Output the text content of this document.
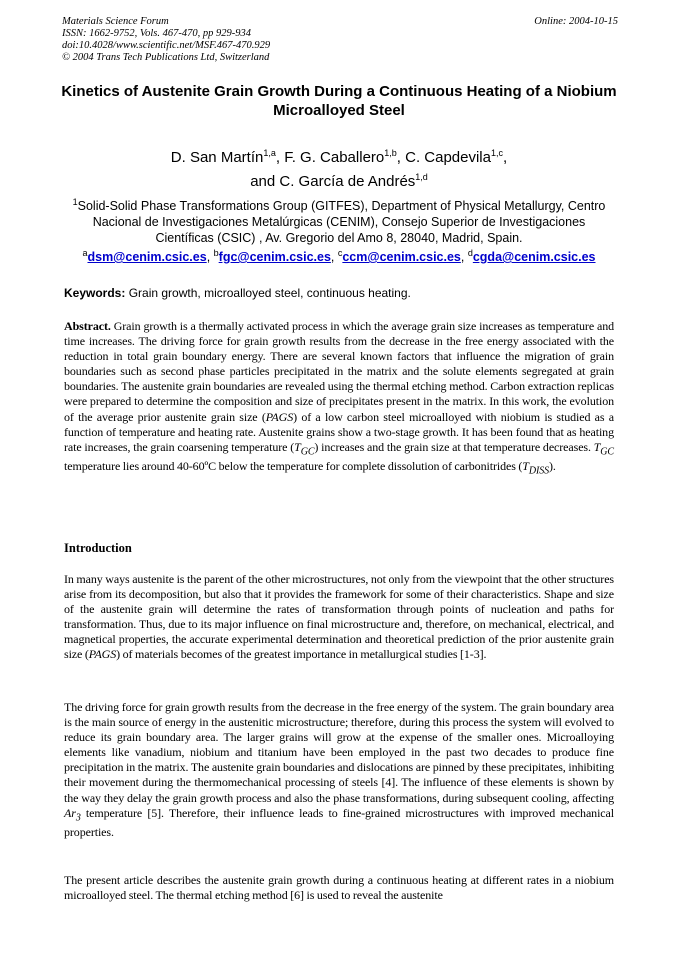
Materials Science Forum
ISSN: 1662-9752, Vols. 467-470, pp 929-934
doi:10.4028/www.scientific.net/MSF.467-470.929
© 2004 Trans Tech Publications Ltd, Switzerland
Online: 2004-10-15
Kinetics of Austenite Grain Growth During a Continuous Heating of a Niobium Microalloyed Steel
D. San Martín$^{1,a}$, F. G. Caballero$^{1,b}$, C. Capdevila$^{1,c}$,
and C. García de Andrés$^{1,d}$
$^1$Solid-Solid Phase Transformations Group (GITFES), Department of Physical Metallurgy, Centro Nacional de Investigaciones Metalúrgicas (CENIM), Consejo Superior de Investigaciones Científicas (CSIC) , Av. Gregorio del Amo 8, 28040, Madrid, Spain.
$^a$dsm@cenim.csic.es, $^b$fgc@cenim.csic.es, $^c$ccm@cenim.csic.es, $^d$cgda@cenim.csic.es
Keywords: Grain growth, microalloyed steel, continuous heating.
Abstract. Grain growth is a thermally activated process in which the average grain size increases as temperature and time increases. The driving force for grain growth results from the decrease in the free energy associated with the reduction in total grain boundary energy. There are several known factors that influence the migration of grain boundaries such as second phase particles precipitated in the matrix and the solute elements segregated at grain boundaries. The austenite grain boundaries are revealed using the thermal etching method. Carbon extraction replicas were prepared to determine the composition and size of precipitates present in the matrix. In this work, the evolution of the average prior austenite grain size (PAGS) of a low carbon steel microalloyed with niobium is studied as a function of temperature and heating rate. Austenite grains show a two-stage growth. It has been found that as heating rate increases, the grain coarsening temperature $(T_{GC})$ increases and the grain size at that temperature decreases. $T_{GC}$ temperature lies around 40-60ºC below the temperature for complete dissolution of carbonitrides $(T_{DISS})$.
Introduction
In many ways austenite is the parent of the other microstructures, not only from the viewpoint that the other structures arise from its decomposition, but also that it provides the framework for some of their characteristics. Shape and size of the austenite grain will determine the rates of transformation through points of nucleation and paths for transformation. Thus, due to its major influence on final microstructure and, therefore, on mechanical, electrical, and magnetical properties, the accurate experimental determination and theoretical prediction of the prior austenite grain size (PAGS) of materials becomes of the greatest importance in metallurgical studies [1-3].
The driving force for grain growth results from the decrease in the free energy of the system. The grain boundary area is the main source of energy in the austenitic microstructure; therefore, during this process the system will evolved to reduce its grain boundary area. The larger grains will grow at the expense of the smaller ones. Microalloying elements like vanadium, niobium and titanium have been employed in the past two decades to produce fine precipitation in the matrix. The austenite grain boundaries and dislocations are pinned by these precipitates, inhibiting their movement during the thermomechanical processing of steels [4]. The influence of these elements is shown by the way they delay the grain growth process and also the phase transformations, during subsequent cooling, affecting $Ar_3$ temperature [5]. Therefore, their influence leads to fine-grained microstructures with improved mechanical properties.
The present article describes the austenite grain growth during a continuous heating at different rates in a niobium microalloyed steel. The thermal etching method [6] is used to reveal the austenite
